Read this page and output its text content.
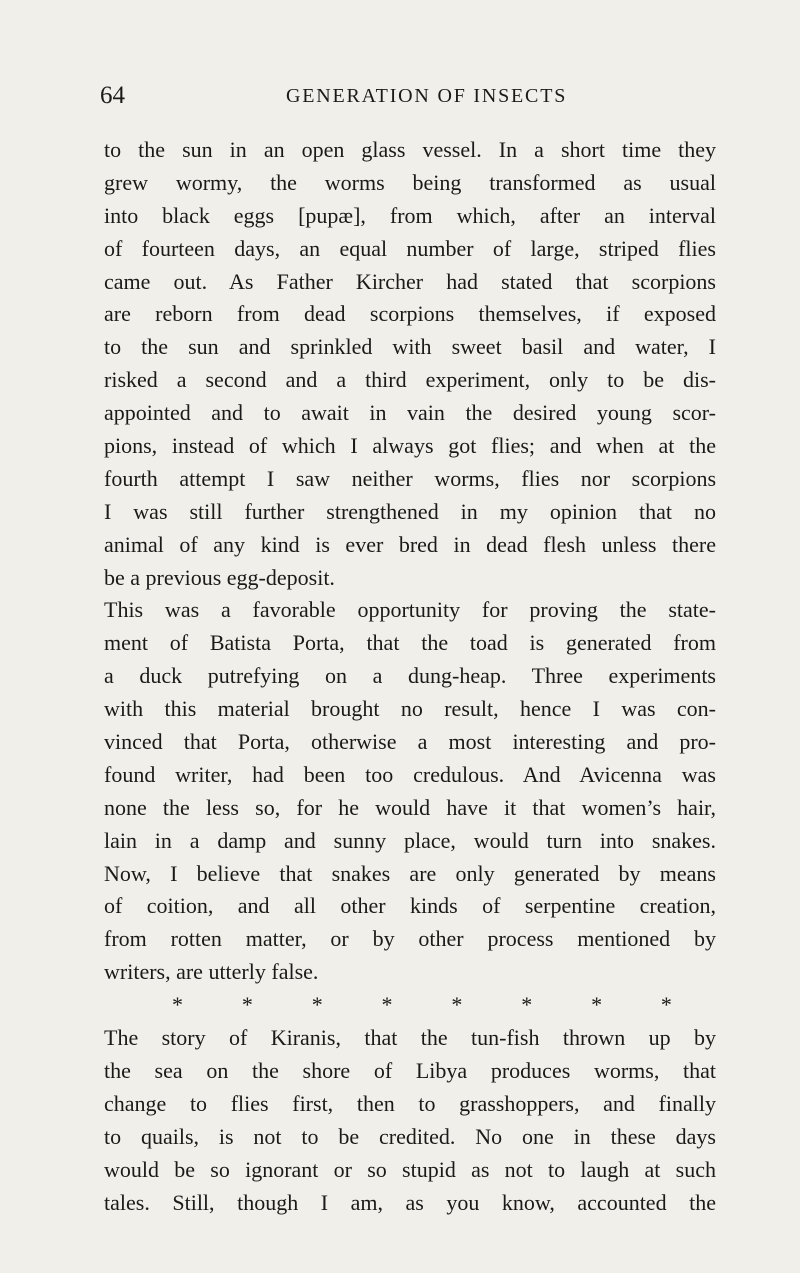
64	GENERATION OF INSECTS
to the sun in an open glass vessel. In a short time they
grew wormy, the worms being transformed as usual
into black eggs [pupæ], from which, after an interval
of fourteen days, an equal number of large, striped flies
came out. As Father Kircher had stated that scorpions
are reborn from dead scorpions themselves, if exposed
to the sun and sprinkled with sweet basil and water, I
risked a second and a third experiment, only to be dis-
appointed and to await in vain the desired young scor-
pions, instead of which I always got flies; and when at the
fourth attempt I saw neither worms, flies nor scorpions
I was still further strengthened in my opinion that no
animal of any kind is ever bred in dead flesh unless there
be a previous egg-deposit.
This was a favorable opportunity for proving the state-
ment of Batista Porta, that the toad is generated from
a duck putrefying on a dung-heap. Three experiments
with this material brought no result, hence I was con-
vinced that Porta, otherwise a most interesting and pro-
found writer, had been too credulous. And Avicenna was
none the less so, for he would have it that women’s hair,
lain in a damp and sunny place, would turn into snakes.
Now, I believe that snakes are only generated by means
of coition, and all other kinds of serpentine creation,
from rotten matter, or by other process mentioned by
writers, are utterly false.
*	*	*	*	*	*	*	*
The story of Kiranis, that the tun-fish thrown up by
the sea on the shore of Libya produces worms, that
change to flies first, then to grasshoppers, and finally
to quails, is not to be credited. No one in these days
would be so ignorant or so stupid as not to laugh at such
tales. Still, though I am, as you know, accounted the
